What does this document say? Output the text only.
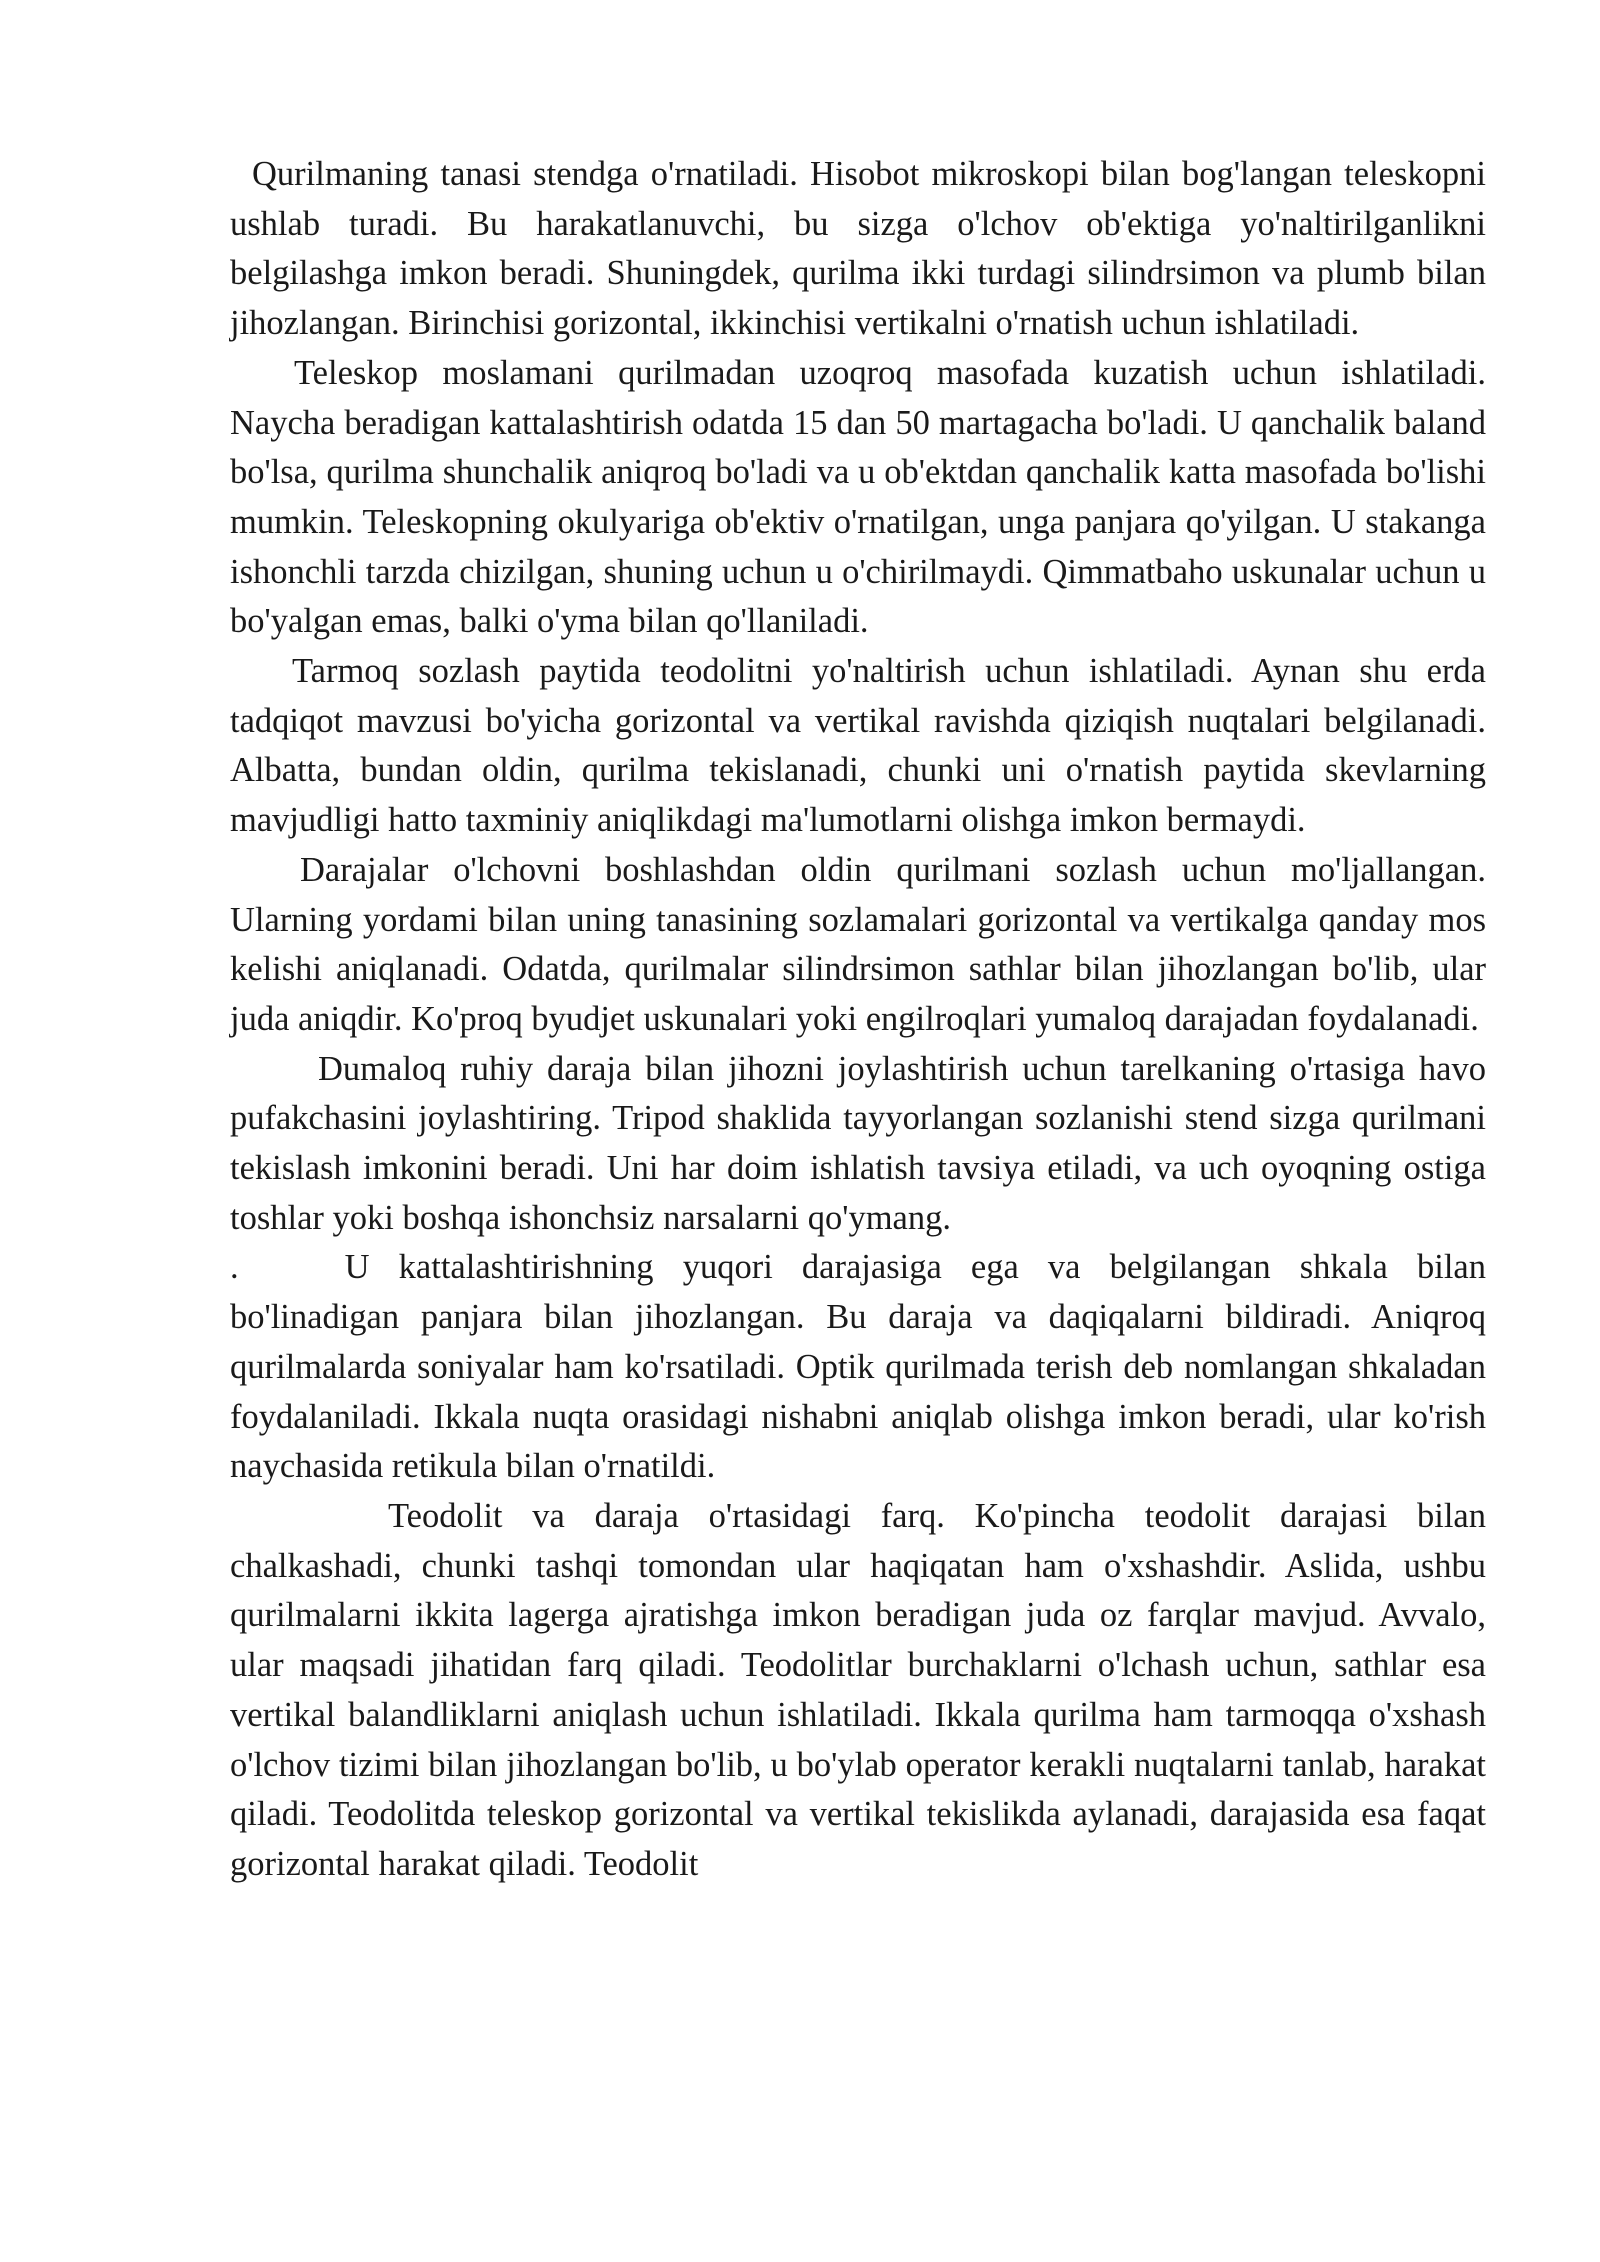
Qurilmaning tanasi stendga o'rnatiladi. Hisobot mikroskopi bilan bog'langan teleskopni ushlab turadi. Bu harakatlanuvchi, bu sizga o'lchov ob'ektiga yo'naltirilganlikni belgilashga imkon beradi. Shuningdek, qurilma ikki turdagi silindrsimon va plumb bilan jihozlangan. Birinchisi gorizontal, ikkinchisi vertikalni o'rnatish uchun ishlatiladi.

Teleskop moslamani qurilmadan uzoqroq masofada kuzatish uchun ishlatiladi. Naycha beradigan kattalashtirish odatda 15 dan 50 martagacha bo'ladi. U qanchalik baland bo'lsa, qurilma shunchalik aniqroq bo'ladi va u ob'ektdan qanchalik katta masofada bo'lishi mumkin. Teleskopning okulyariga ob'ektiv o'rnatilgan, unga panjara qo'yilgan. U stakanga ishonchli tarzda chizilgan, shuning uchun u o'chirilmaydi. Qimmatbaho uskunalar uchun u bo'yalgan emas, balki o'yma bilan qo'llaniladi.

Tarmoq sozlash paytida teodolitni yo'naltirish uchun ishlatiladi. Aynan shu erda tadqiqot mavzusi bo'yicha gorizontal va vertikal ravishda qiziqish nuqtalari belgilanadi. Albatta, bundan oldin, qurilma tekislanadi, chunki uni o'rnatish paytida skevlarning mavjudligi hatto taxminiy aniqlikdagi ma'lumotlarni olishga imkon bermaydi.

Darajalar o'lchovni boshlashdan oldin qurilmani sozlash uchun mo'ljallangan. Ularning yordami bilan uning tanasining sozlamalari gorizontal va vertikalga qanday mos kelishi aniqlanadi. Odatda, qurilmalar silindrsimon sathlar bilan jihozlangan bo'lib, ular juda aniqdir. Ko'proq byudjet uskunalari yoki engilroqlari yumaloq darajadan foydalanadi.

Dumaloq ruhiy daraja bilan jihozni joylashtirish uchun tarelkaning o'rtasiga havo pufakchasini joylashtiring. Tripod shaklida tayyorlangan sozlanishi stend sizga qurilmani tekislash imkonini beradi. Uni har doim ishlatish tavsiya etiladi, va uch oyoqning ostiga toshlar yoki boshqa ishonchsiz narsalarni qo'ymang.

.	U kattalashtirishning yuqori darajasiga ega va belgilangan shkala bilan bo'linadigan panjara bilan jihozlangan. Bu daraja va daqiqalarni bildiradi. Aniqroq qurilmalarda soniyalar ham ko'rsatiladi. Optik qurilmada terish deb nomlangan shkaladan foydalaniladi. Ikkala nuqta orasidagi nishabni aniqlab olishga imkon beradi, ular ko'rish naychasida retikula bilan o'rnatildi.

Teodolit va daraja o'rtasidagi farq. Ko'pincha teodolit darajasi bilan chalkashadi, chunki tashqi tomondan ular haqiqatan ham o'xshashdir. Aslida, ushbu qurilmalarni ikkita lagerga ajratishga imkon beradigan juda oz farqlar mavjud. Avvalo, ular maqsadi jihatidan farq qiladi. Teodolitlar burchaklarni o'lchash uchun, sathlar esa vertikal balandliklarni aniqlash uchun ishlatiladi. Ikkala qurilma ham tarmoqqa o'xshash o'lchov tizimi bilan jihozlangan bo'lib, u bo'ylab operator kerakli nuqtalarni tanlab, harakat qiladi. Teodolitda teleskop gorizontal va vertikal tekislikda aylanadi, darajasida esa faqat gorizontal harakat qiladi. Teodolit
